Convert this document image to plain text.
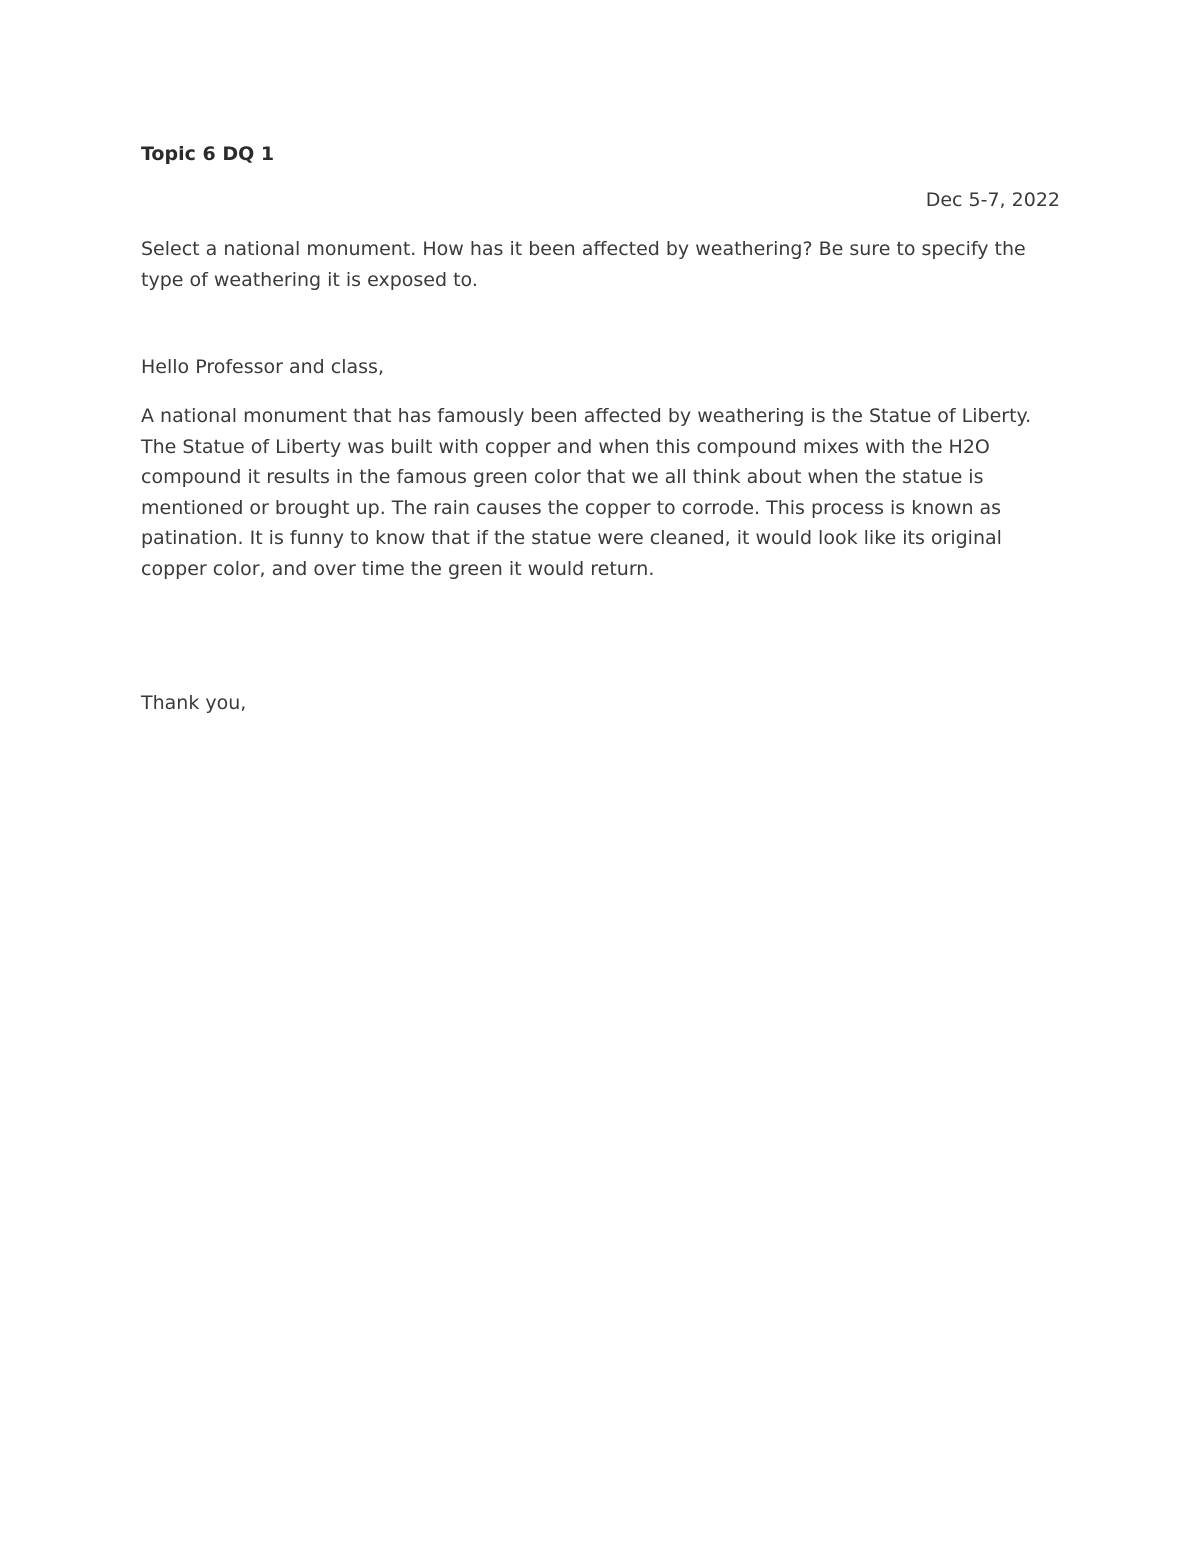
Topic 6 DQ 1
Dec 5-7, 2022

Select a national monument. How has it been affected by weathering? Be sure to specify the
type of weathering it is exposed to.

Hello Professor and class,

A national monument that has famously been affected by weathering is the Statue of Liberty.
The Statue of Liberty was built with copper and when this compound mixes with the H2O
compound it results in the famous green color that we all think about when the statue is
mentioned or brought up. The rain causes the copper to corrode. This process is known as
patination. It is funny to know that if the statue were cleaned, it would look like its original
copper color, and over time the green it would return.

Thank you,
